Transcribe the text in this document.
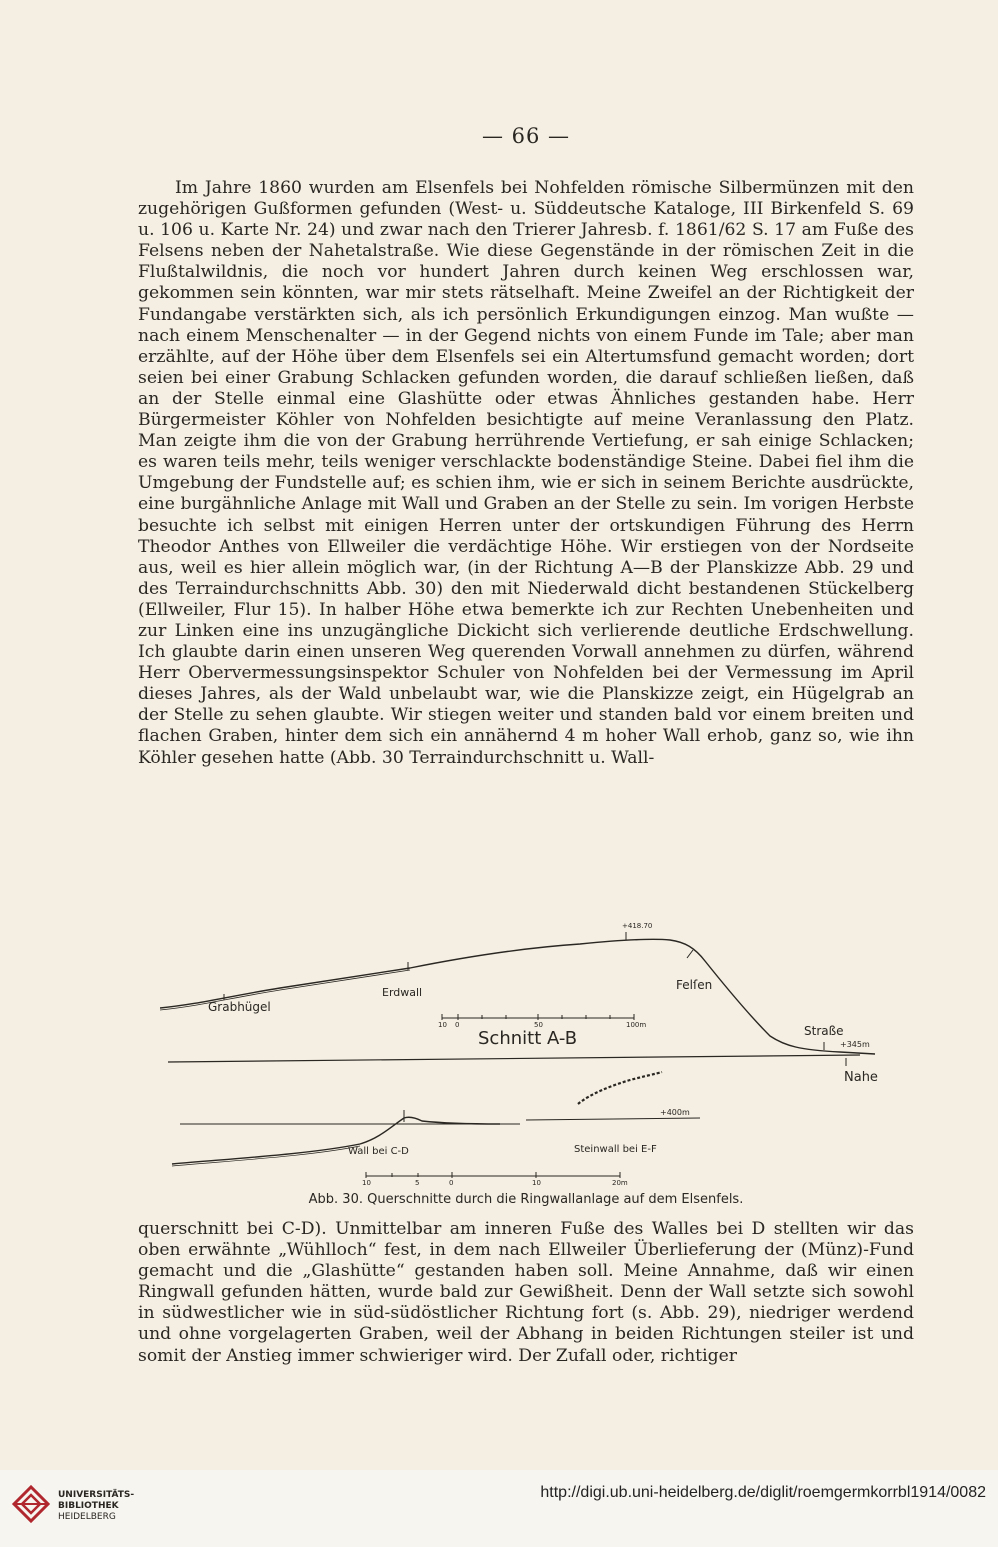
— 66 —

Im Jahre 1860 wurden am Elsenfels bei Nohfelden römische Silbermünzen mit den zugehörigen Gußformen gefunden (West- u. Süddeutsche Kataloge, III Birkenfeld S. 69 u. 106 u. Karte Nr. 24) und zwar nach den Trierer Jahresb. f. 1861/62 S. 17 am Fuße des Felsens neben der Nahetalstraße. Wie diese Gegenstände in der römischen Zeit in die Flußtalwildnis, die noch vor hundert Jahren durch keinen Weg erschlossen war, gekommen sein könnten, war mir stets rätselhaft. Meine Zweifel an der Richtigkeit der Fundangabe verstärkten sich, als ich persönlich Erkundigungen einzog. Man wußte — nach einem Menschenalter — in der Gegend nichts von einem Funde im Tale; aber man erzählte, auf der Höhe über dem Elsenfels sei ein Altertumsfund gemacht worden; dort seien bei einer Grabung Schlacken gefunden worden, die darauf schließen ließen, daß an der Stelle einmal eine Glashütte oder etwas Ähnliches gestanden habe. Herr Bürgermeister Köhler von Nohfelden besichtigte auf meine Veranlassung den Platz. Man zeigte ihm die von der Grabung herrührende Vertiefung, er sah einige Schlacken; es waren teils mehr, teils weniger verschlackte bodenständige Steine. Dabei fiel ihm die Umgebung der Fundstelle auf; es schien ihm, wie er sich in seinem Berichte ausdrückte, eine burgähnliche Anlage mit Wall und Graben an der Stelle zu sein. Im vorigen Herbste besuchte ich selbst mit einigen Herren unter der ortskundigen Führung des Herrn Theodor Anthes von Ellweiler die verdächtige Höhe. Wir erstiegen von der Nordseite aus, weil es hier allein möglich war, (in der Richtung A—B der Planskizze Abb. 29 und des Terraindurchschnitts Abb. 30) den mit Niederwald dicht bestandenen Stückelberg (Ellweiler, Flur 15). In halber Höhe etwa bemerkte ich zur Rechten Unebenheiten und zur Linken eine ins unzugängliche Dickicht sich verlierende deutliche Erdschwellung. Ich glaubte darin einen unseren Weg querenden Vorwall annehmen zu dürfen, während Herr Obervermessungsinspektor Schuler von Nohfelden bei der Vermessung im April dieses Jahres, als der Wald unbelaubt war, wie die Planskizze zeigt, ein Hügelgrab an der Stelle zu sehen glaubte. Wir stiegen weiter und standen bald vor einem breiten und flachen Graben, hinter dem sich ein annähernd 4 m hoher Wall erhob, ganz so, wie ihn Köhler gesehen hatte (Abb. 30 Terraindurchschnitt u. Wall-

+418.70
Grabhügel
Erdwall
Felſen
Straße
+345m
Nahe
Schnitt A-B
10 0	50	100m
+400m
Wall bei C-D	Steinwall bei E-F
10	5	0	10	20m
Abb. 30. Querschnitte durch die Ringwallanlage auf dem Elsenfels.

querschnitt bei C-D). Unmittelbar am inneren Fuße des Walles bei D stellten wir das oben erwähnte „Wühlloch“ fest, in dem nach Ellweiler Überlieferung der (Münz)-Fund gemacht und die „Glashütte“ gestanden haben soll. Meine Annahme, daß wir einen Ringwall gefunden hätten, wurde bald zur Gewißheit. Denn der Wall setzte sich sowohl in südwestlicher wie in süd-südöstlicher Richtung fort (s. Abb. 29), niedriger werdend und ohne vorgelagerten Graben, weil der Abhang in beiden Richtungen steiler ist und somit der Anstieg immer schwieriger wird. Der Zufall oder, richtiger

UNIVERSITÄTS-
BIBLIOTHEK
HEIDELBERG
http://digi.ub.uni-heidelberg.de/diglit/roemgermkorrbl1914/0082
